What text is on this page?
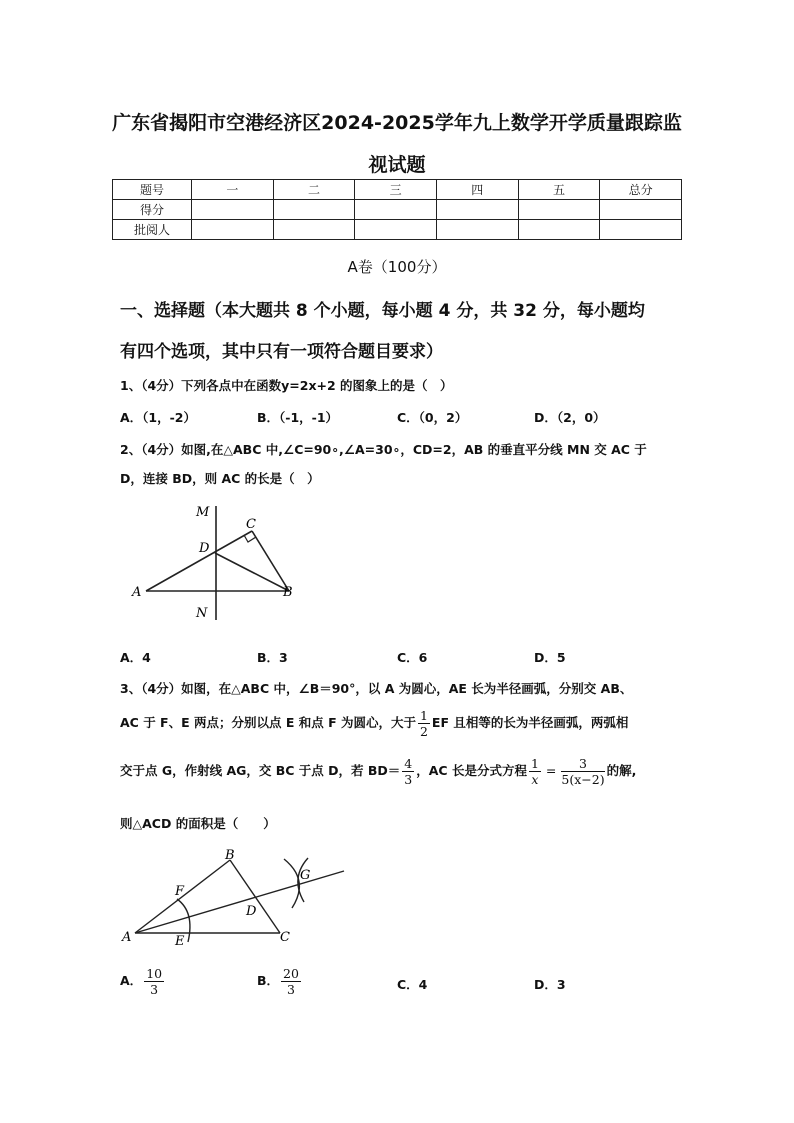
广东省揭阳市空港经济区2024-2025学年九上数学开学质量跟踪监
视试题
题号	一	二	三	四	五	总分
得分						
批阅人						
A卷（100分）
一、选择题（本大题共 8 个小题，每小题 4 分，共 32 分，每小题均
有四个选项，其中只有一项符合题目要求）
1、（4分）下列各点中在函数y=2x+2 的图象上的是（　）
A．（1，-2）	B．（-1，-1）	C．（0，2）	D．（2，0）
2、（4分）如图,在△ABC 中,∠C=90∘,∠A=30∘，CD=2，AB 的垂直平分线 MN 交 AC 于
D，连接 BD，则 AC 的长是（　）
M
C
D
A	B
N
A．4	B．3	C．6	D．5
3、（4分）如图，在△ABC 中，∠B＝90°，以 A 为圆心，AE 长为半径画弧，分别交 AB、
AC 于 F、E 两点；分别以点 E 和点 F 为圆心，大于 $\frac{1}{2}$ EF 且相等的长为半径画弧，两弧相
交于点 G，作射线 AG，交 BC 于点 D，若 $BD= \frac{4}{3}$ ，AC 长是分式方程 $\frac{1}{x} = \frac{3}{5(x-2)}$ 的解,
则△ACD 的面积是（　　）
B
F
G
D
A	E	C
A． $\frac{10}{3}$	B． $\frac{20}{3}$	C．4	D．3
